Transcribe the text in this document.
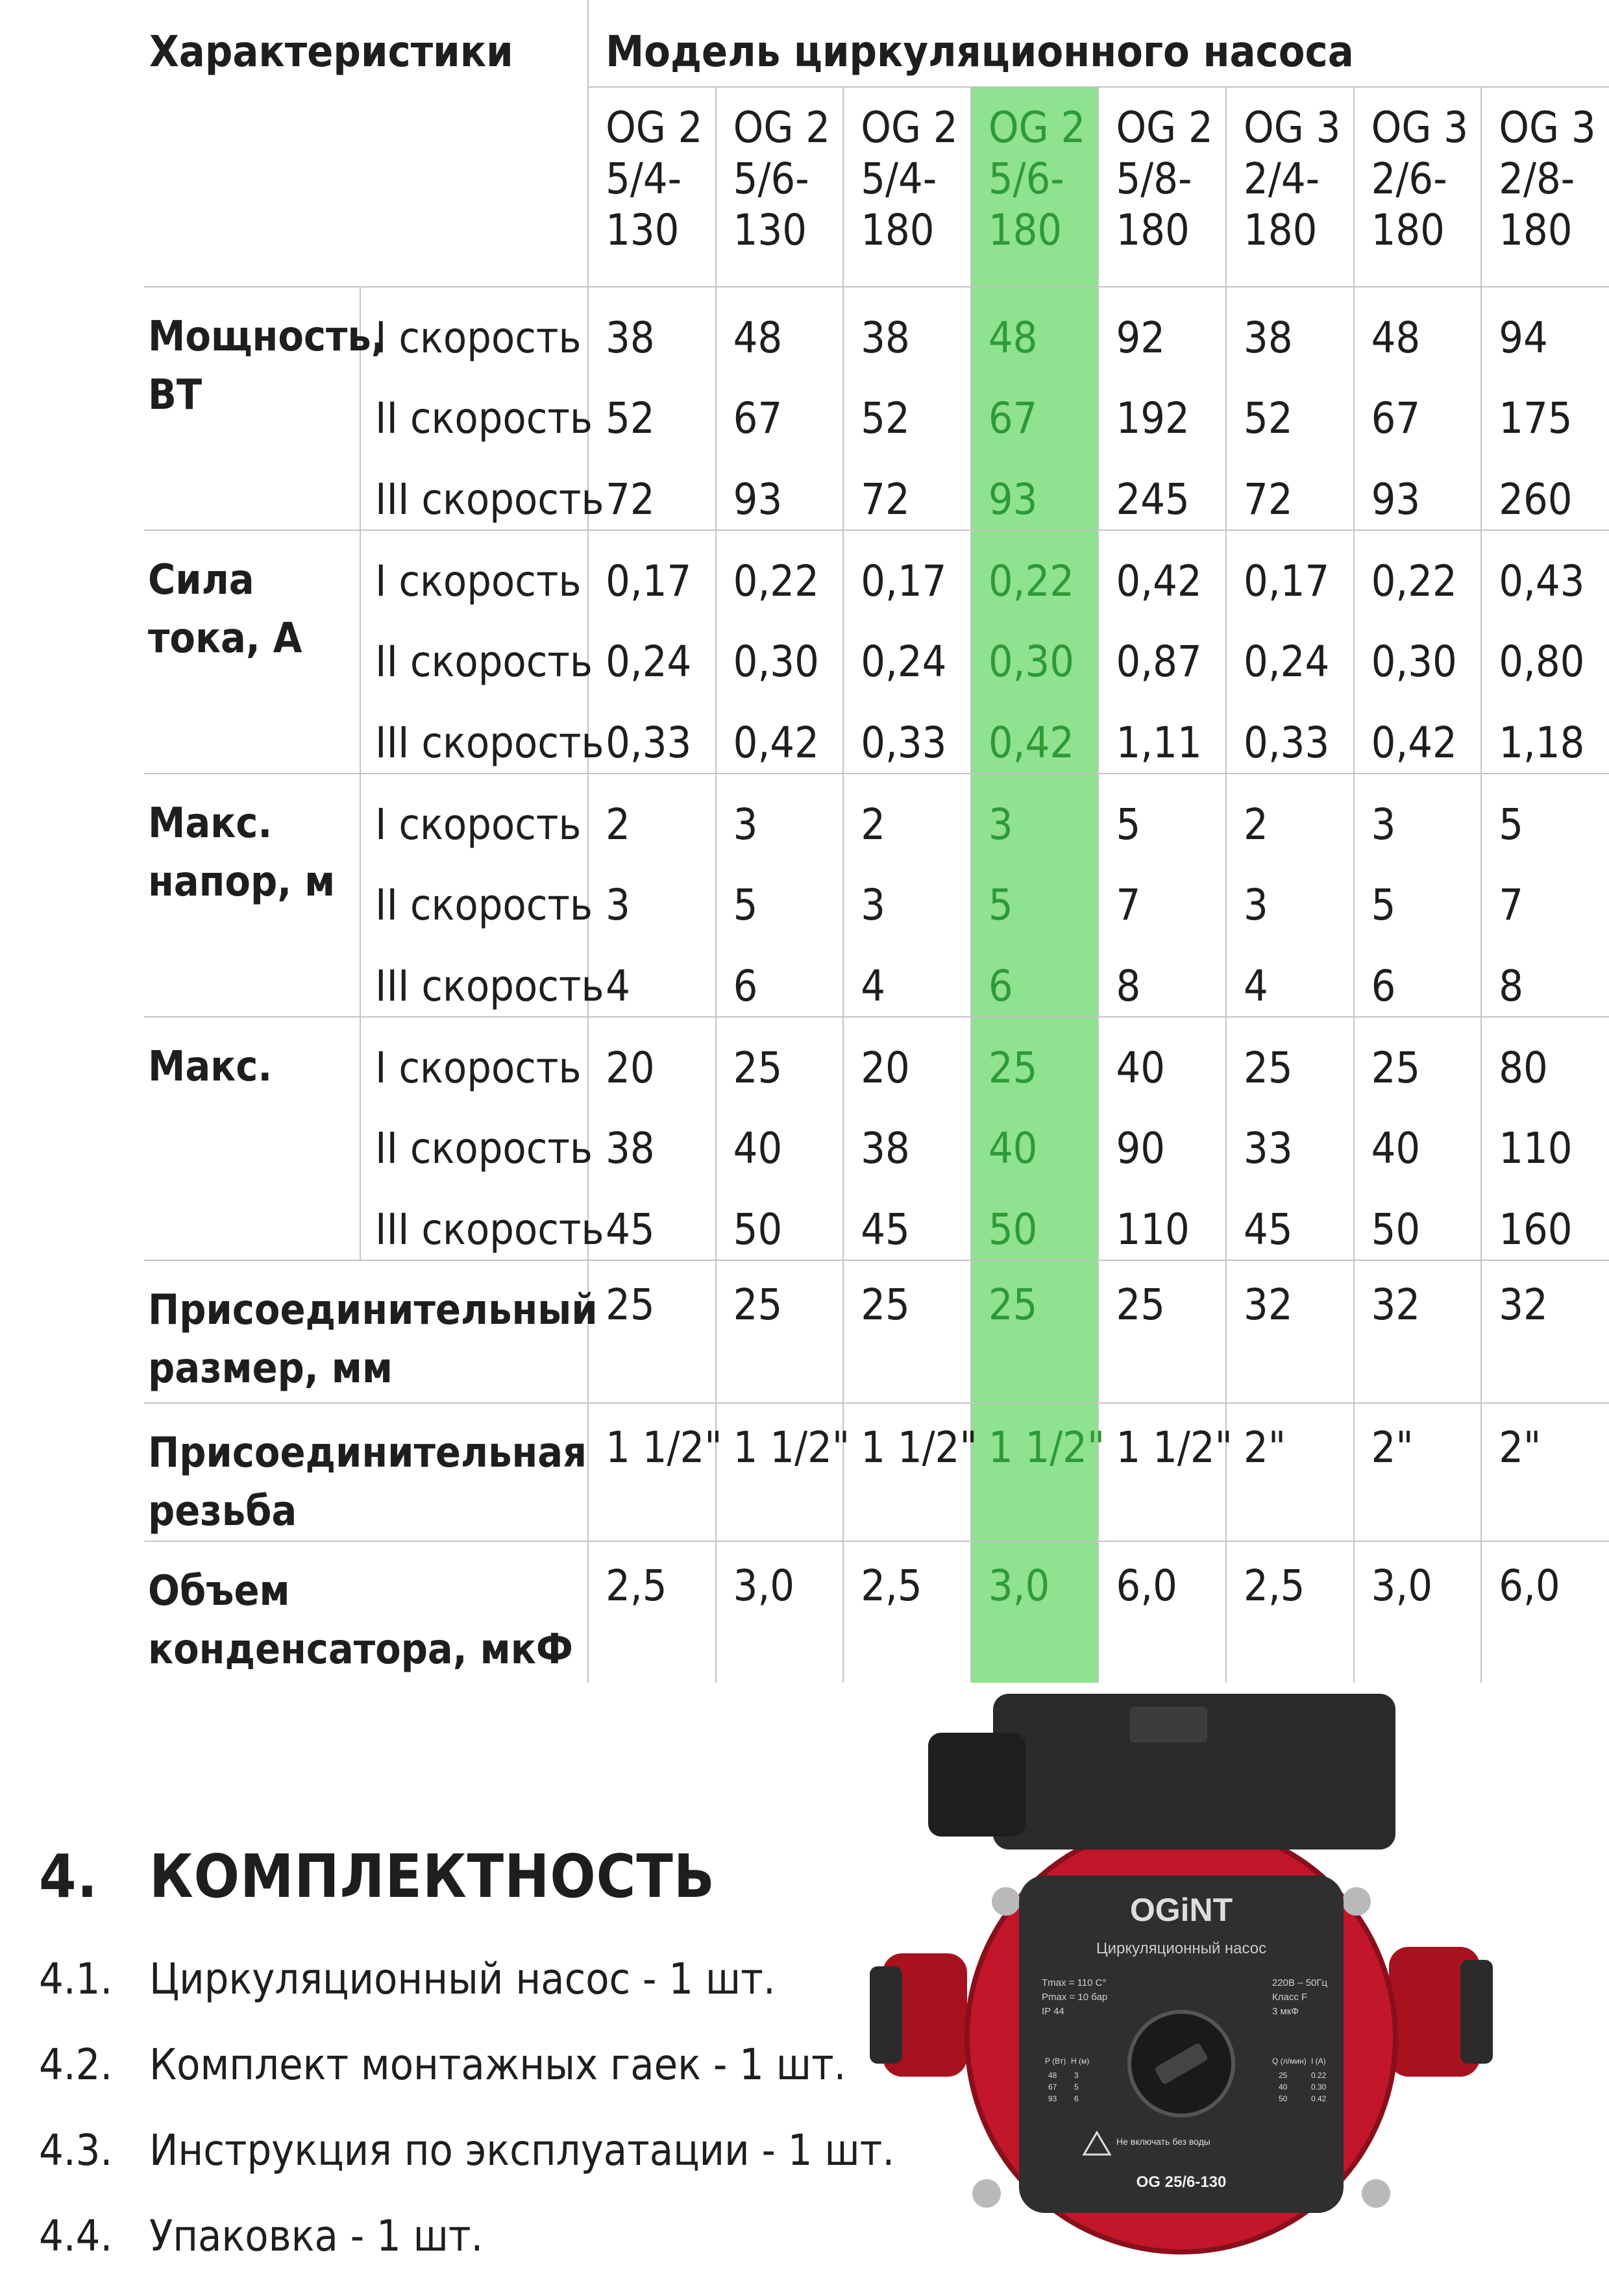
Характеристики		Модель циркуляционного насоса							

		OG 25/4-130	OG 25/6-130	OG 25/4-180	OG 25/6-180	OG 25/8-180	OG 32/4-180	OG 32/6-180	OG 32/8-180

Мощность, ВТ	I скорость	38	48	38	48	92	38	48	94
	II скорость	52	67	52	67	192	52	67	175
	III скорость	72	93	72	93	245	72	93	260
Сила тока, А	I скорость	0,17	0,22	0,17	0,22	0,42	0,17	0,22	0,43
	II скорость	0,24	0,30	0,24	0,30	0,87	0,24	0,30	0,80
	III скорость	0,33	0,42	0,33	0,42	1,11	0,33	0,42	1,18
Макс. напор, м	I скорость	2	3	2	3	5	2	3	5
	II скорость	3	5	3	5	7	3	5	7
	III скорость	4	6	4	6	8	4	6	8
Макс.	I скорость	20	25	20	25	40	25	25	80
	II скорость	38	40	38	40	90	33	40	110
	III скорость	45	50	45	50	110	45	50	160
Присоединительный размер, мм		25	25	25	25	25	32	32	32
Присоединительная резьба		1 1/2"	1 1/2"	1 1/2"	1 1/2"	1 1/2"	2"	2"	2"
Объем конденсатора, мкФ		2,5	3,0	2,5	3,0	6,0	2,5	3,0	6,0
4. КОМПЛЕКТНОСТЬ
4.1. Циркуляционный насос - 1 шт.
4.2. Комплект монтажных гаек - 1 шт.
4.3. Инструкция по эксплуатации - 1 шт.
4.4. Упаковка - 1 шт.
OGiNT
Циркуляционный насос
Tmax = 110 C°
Pmax = 10 бар
IP 44
220В – 50Гц
Класс F
3 мкФ
P (Вт) H (м)	Q (л/мин) I (A)
48 3	25	0.22
67 5	40	0.30
93 6	50	0.42
Не включать без воды
OG 25/6-130
